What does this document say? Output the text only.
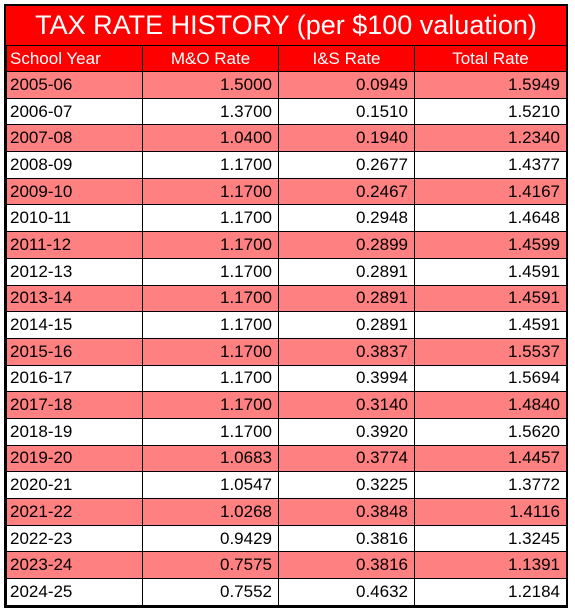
TAX RATE HISTORY (per $100 valuation)
School Year	M&O Rate	I&S Rate	Total Rate
2005-06	1.5000	0.0949	1.5949
2006-07	1.3700	0.1510	1.5210
2007-08	1.0400	0.1940	1.2340
2008-09	1.1700	0.2677	1.4377
2009-10	1.1700	0.2467	1.4167
2010-11	1.1700	0.2948	1.4648
2011-12	1.1700	0.2899	1.4599
2012-13	1.1700	0.2891	1.4591
2013-14	1.1700	0.2891	1.4591
2014-15	1.1700	0.2891	1.4591
2015-16	1.1700	0.3837	1.5537
2016-17	1.1700	0.3994	1.5694
2017-18	1.1700	0.3140	1.4840
2018-19	1.1700	0.3920	1.5620
2019-20	1.0683	0.3774	1.4457
2020-21	1.0547	0.3225	1.3772
2021-22	1.0268	0.3848	1.4116
2022-23	0.9429	0.3816	1.3245
2023-24	0.7575	0.3816	1.1391
2024-25	0.7552	0.4632	1.2184
